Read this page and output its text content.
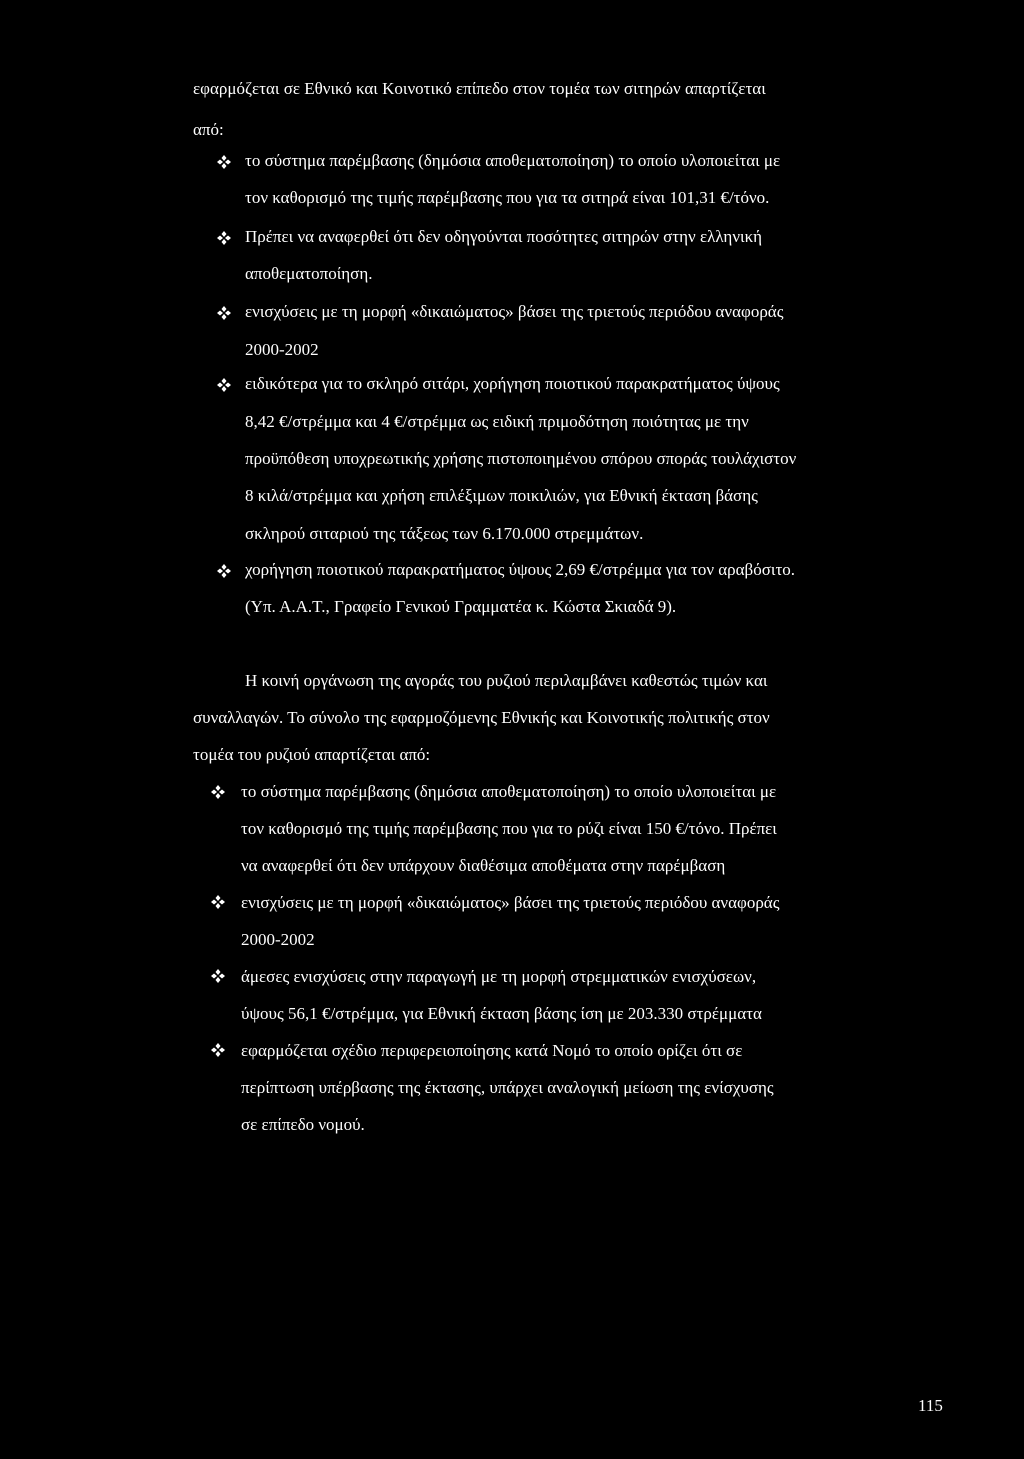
εφαρμόζεται σε Εθνικό και Κοινοτικό επίπεδο στον τομέα των σιτηρών απαρτίζεται
από:
το σύστημα παρέμβασης (δημόσια αποθεματοποίηση) το οποίο υλοποιείται με
τον καθορισμό της τιμής παρέμβασης που για τα σιτηρά είναι 101,31 €/τόνο.
Πρέπει να αναφερθεί ότι δεν οδηγούνται ποσότητες σιτηρών στην ελληνική
αποθεματοποίηση.
ενισχύσεις με τη μορφή «δικαιώματος» βάσει της τριετούς περιόδου αναφοράς
2000-2002
ειδικότερα για το σκληρό σιτάρι, χορήγηση ποιοτικού παρακρατήματος ύψους
8,42 €/στρέμμα και 4 €/στρέμμα ως ειδική πριμοδότηση ποιότητας με την
προϋπόθεση υποχρεωτικής χρήσης πιστοποιημένου σπόρου σποράς τουλάχιστον
8 κιλά/στρέμμα και χρήση επιλέξιμων ποικιλιών, για Εθνική έκταση βάσης
σκληρού σιταριού της τάξεως των 6.170.000 στρεμμάτων.
χορήγηση ποιοτικού παρακρατήματος ύψους 2,69 €/στρέμμα για τον αραβόσιτο.
(Υπ. Α.Α.Τ., Γραφείο Γενικού Γραμματέα κ. Κώστα Σκιαδά 9).
Η κοινή οργάνωση της αγοράς του ρυζιού περιλαμβάνει καθεστώς τιμών και
συναλλαγών. Το σύνολο της εφαρμοζόμενης Εθνικής και Κοινοτικής πολιτικής στον
τομέα του ρυζιού απαρτίζεται από:
το σύστημα παρέμβασης (δημόσια αποθεματοποίηση) το οποίο υλοποιείται με
τον καθορισμό της τιμής παρέμβασης που για το ρύζι είναι 150 €/τόνο. Πρέπει
να αναφερθεί ότι δεν υπάρχουν διαθέσιμα αποθέματα στην παρέμβαση
ενισχύσεις με τη μορφή «δικαιώματος» βάσει της τριετούς περιόδου αναφοράς
2000-2002
άμεσες ενισχύσεις στην παραγωγή με τη μορφή στρεμματικών ενισχύσεων,
ύψους 56,1 €/στρέμμα, για Εθνική έκταση βάσης ίση με 203.330 στρέμματα
εφαρμόζεται σχέδιο περιφερειοποίησης κατά Νομό το οποίο ορίζει ότι σε
περίπτωση υπέρβασης της έκτασης, υπάρχει αναλογική μείωση της ενίσχυσης
σε επίπεδο νομού.
115
